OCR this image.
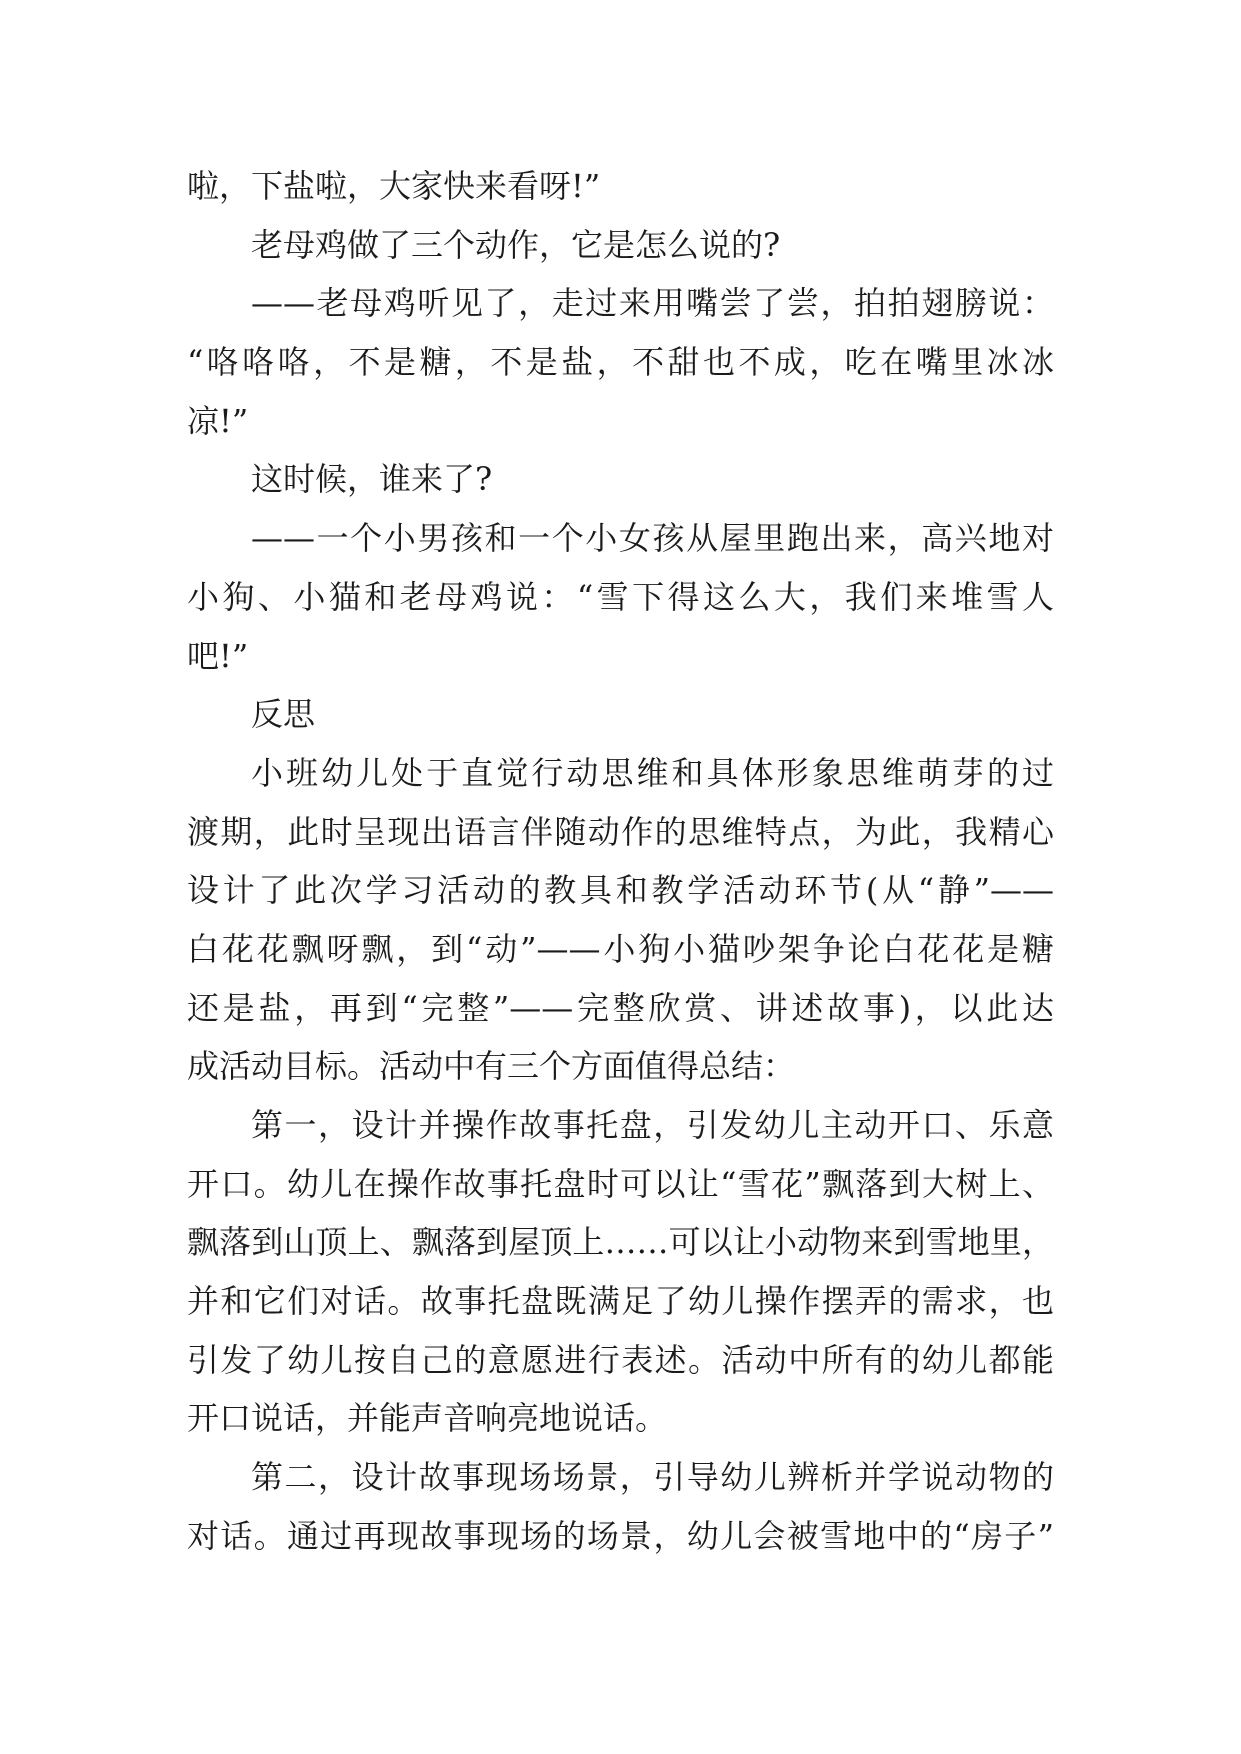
啦，下盐啦，大家快来看呀!”
老母鸡做了三个动作，它是怎么说的?
——老母鸡听见了，走过来用嘴尝了尝，拍拍翅膀说：
“咯咯咯，不是糖，不是盐，不甜也不成，吃在嘴里冰冰
凉!”
这时候，谁来了?
——一个小男孩和一个小女孩从屋里跑出来，高兴地对
小狗、小猫和老母鸡说：“雪下得这么大，我们来堆雪人
吧!”
反思
小班幼儿处于直觉行动思维和具体形象思维萌芽的过
渡期，此时呈现出语言伴随动作的思维特点，为此，我精心
设计了此次学习活动的教具和教学活动环节(从“静”——
白花花飘呀飘，到“动”——小狗小猫吵架争论白花花是糖
还是盐，再到“完整”——完整欣赏、讲述故事)，以此达
成活动目标。活动中有三个方面值得总结：
第一，设计并操作故事托盘，引发幼儿主动开口、乐意
开口。幼儿在操作故事托盘时可以让“雪花”飘落到大树上、
飘落到山顶上、飘落到屋顶上……可以让小动物来到雪地里，
并和它们对话。故事托盘既满足了幼儿操作摆弄的需求，也
引发了幼儿按自己的意愿进行表述。活动中所有的幼儿都能
开口说话，并能声音响亮地说话。
第二，设计故事现场场景，引导幼儿辨析并学说动物的
对话。通过再现故事现场的场景，幼儿会被雪地中的“房子”
